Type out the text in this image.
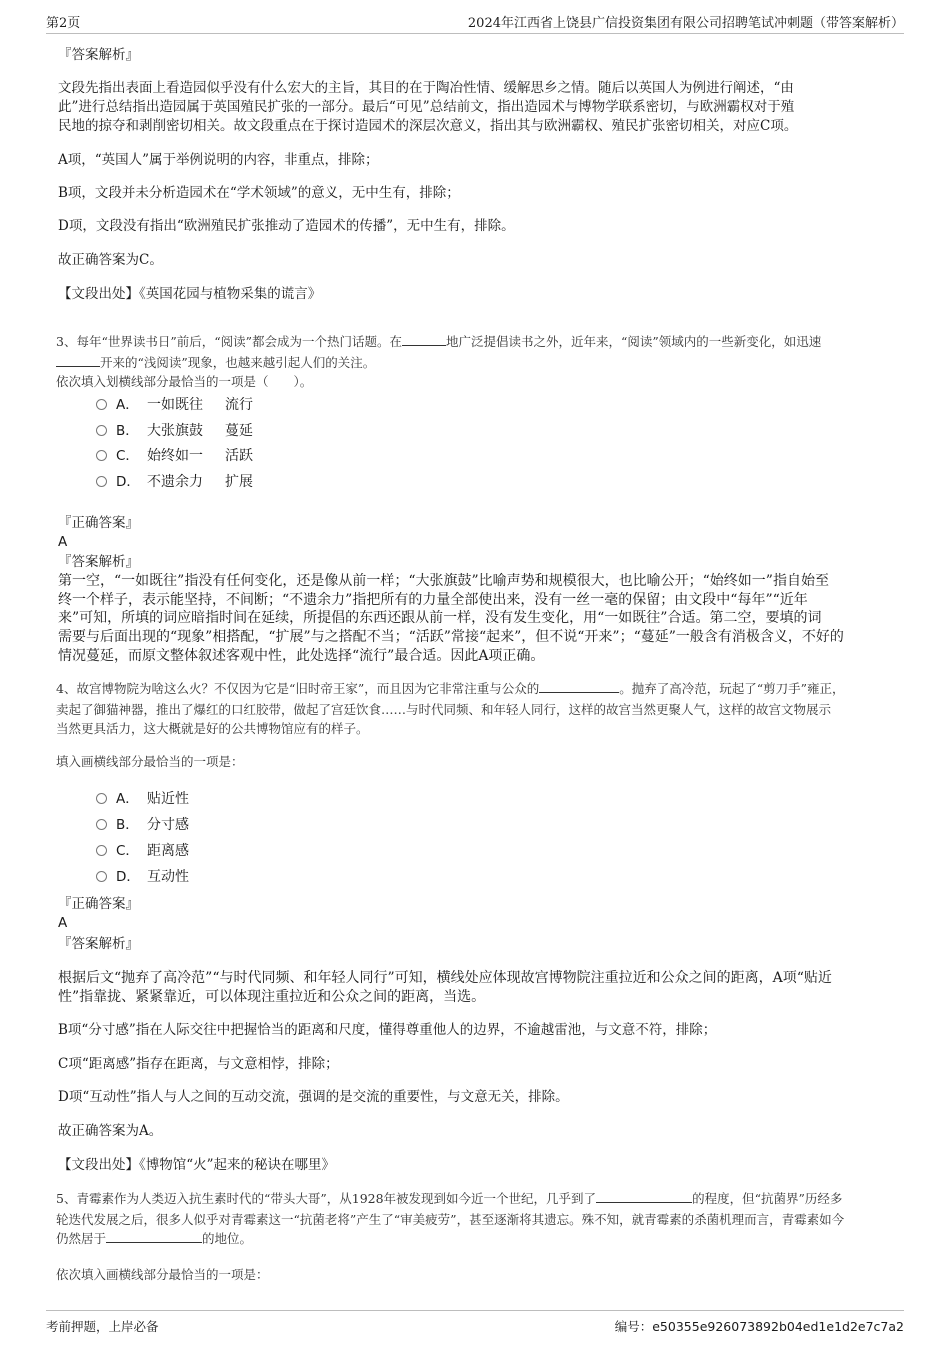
第2页	2024年江西省上饶县广信投资集团有限公司招聘笔试冲刺题（带答案解析）
『答案解析』
文段先指出表面上看造园似乎没有什么宏大的主旨，其目的在于陶冶性情、缓解思乡之情。随后以英国人为例进行阐述，“由
此”进行总结指出造园属于英国殖民扩张的一部分。最后“可见”总结前文，指出造园术与博物学联系密切，与欧洲霸权对于殖
民地的掠夺和剥削密切相关。故文段重点在于探讨造园术的深层次意义，指出其与欧洲霸权、殖民扩张密切相关，对应C项。
A项，“英国人”属于举例说明的内容，非重点，排除；
B项，文段并未分析造园术在“学术领域”的意义，无中生有，排除；
D项，文段没有指出“欧洲殖民扩张推动了造园术的传播”，无中生有，排除。
故正确答案为C。
【文段出处】《英国花园与植物采集的谎言》
3、每年“世界读书日”前后，“阅读”都会成为一个热门话题。在	地广泛提倡读书之外，近年来，“阅读”领域内的一些新变化，如迅速
开来的“浅阅读”现象，也越来越引起人们的关注。
依次填入划横线部分最恰当的一项是（　　）。
A． 一如既往 流行
B． 大张旗鼓 蔓延
C． 始终如一 活跃
D． 不遗余力 扩展
『正确答案』
A
『答案解析』
第一空，“一如既往”指没有任何变化，还是像从前一样；“大张旗鼓”比喻声势和规模很大，也比喻公开；“始终如一”指自始至
终一个样子，表示能坚持，不间断；“不遗余力”指把所有的力量全部使出来，没有一丝一毫的保留；由文段中“每年”“近年
来”可知，所填的词应暗指时间在延续，所提倡的东西还跟从前一样，没有发生变化，用“一如既往”合适。第二空，要填的词
需要与后面出现的“现象”相搭配，“扩展”与之搭配不当；“活跃”常接“起来”，但不说“开来”；“蔓延”一般含有消极含义，不好的
情况蔓延，而原文整体叙述客观中性，此处选择“流行”最合适。因此A项正确。
4、故宫博物院为啥这么火？不仅因为它是“旧时帝王家”，而且因为它非常注重与公众的	。抛弃了高冷范，玩起了“剪刀手”雍正，
卖起了御猫神器，推出了爆红的口红胶带，做起了宫廷饮食……与时代同频、和年轻人同行，这样的故宫当然更聚人气，这样的故宫文物展示
当然更具活力，这大概就是好的公共博物馆应有的样子。
填入画横线部分最恰当的一项是：
A． 贴近性
B． 分寸感
C． 距离感
D． 互动性
『正确答案』
A
『答案解析』
根据后文“抛弃了高冷范”“与时代同频、和年轻人同行”可知，横线处应体现故宫博物院注重拉近和公众之间的距离，A项“贴近
性”指靠拢、紧紧靠近，可以体现注重拉近和公众之间的距离，当选。
B项“分寸感”指在人际交往中把握恰当的距离和尺度，懂得尊重他人的边界，不逾越雷池，与文意不符，排除；
C项“距离感”指存在距离，与文意相悖，排除；
D项“互动性”指人与人之间的互动交流，强调的是交流的重要性，与文意无关，排除。
故正确答案为A。
【文段出处】《博物馆“火”起来的秘诀在哪里》
5、青霉素作为人类迈入抗生素时代的“带头大哥”，从1928年被发现到如今近一个世纪，几乎到了	的程度，但“抗菌界”历经多
轮迭代发展之后，很多人似乎对青霉素这一“抗菌老将”产生了“审美疲劳”，甚至逐渐将其遗忘。殊不知，就青霉素的杀菌机理而言，青霉素如今
仍然居于	的地位。
依次填入画横线部分最恰当的一项是：
考前押题，上岸必备	编号：e50355e926073892b04ed1e1d2e7c7a2
